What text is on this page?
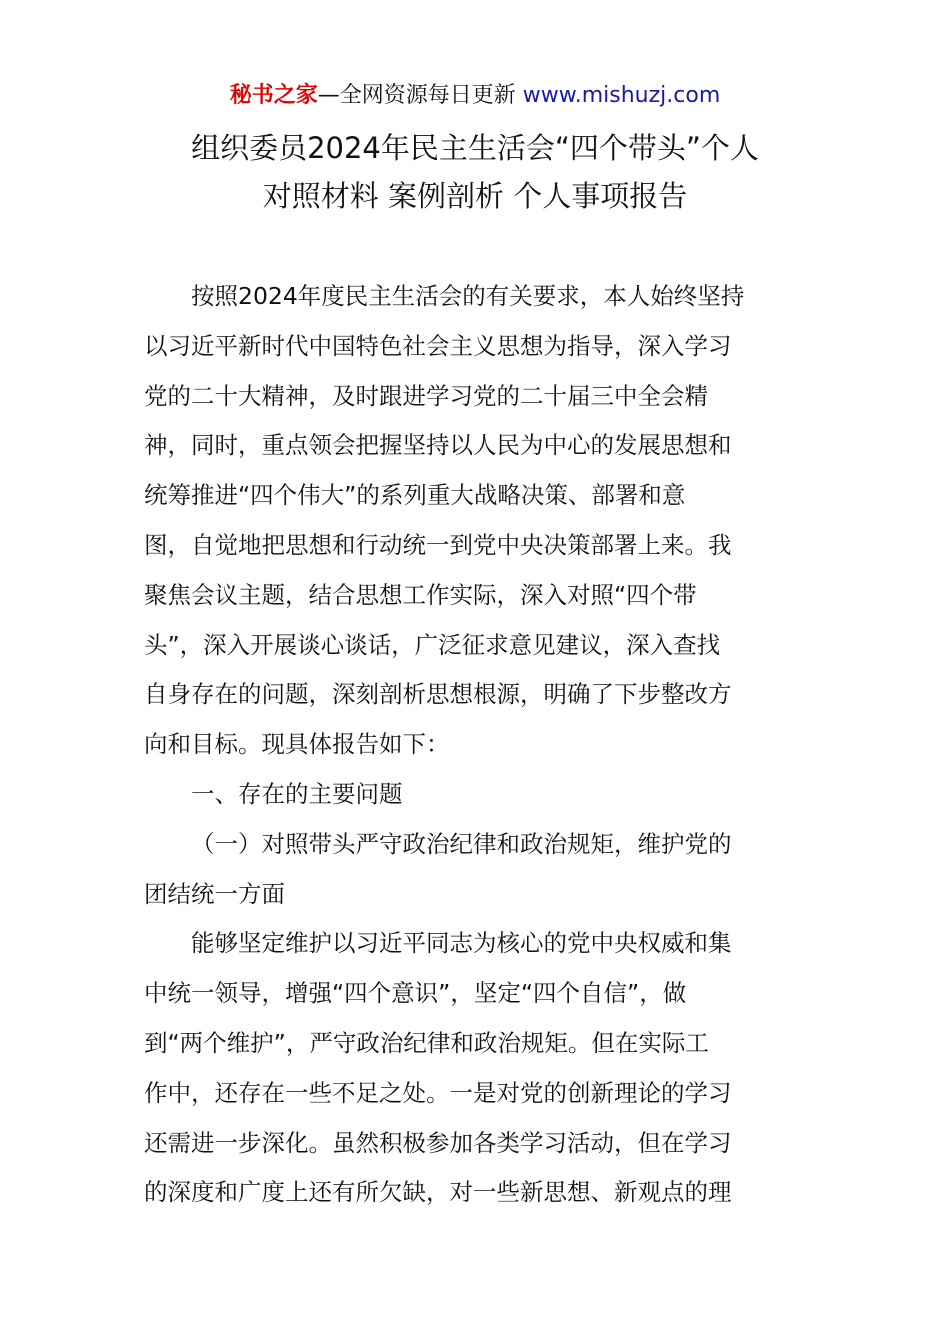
秘书之家—全网资源每日更新 www.mishuzj.com
组织委员2024年民主生活会“四个带头”个人
对照材料 案例剖析 个人事项报告
按照2024年度民主生活会的有关要求，本人始终坚持
以习近平新时代中国特色社会主义思想为指导，深入学习
党的二十大精神，及时跟进学习党的二十届三中全会精
神，同时，重点领会把握坚持以人民为中心的发展思想和
统筹推进“四个伟大”的系列重大战略决策、部署和意
图，自觉地把思想和行动统一到党中央决策部署上来。我
聚焦会议主题，结合思想工作实际，深入对照“四个带
头”，深入开展谈心谈话，广泛征求意见建议，深入查找
自身存在的问题，深刻剖析思想根源，明确了下步整改方
向和目标。现具体报告如下：
一、存在的主要问题
（一）对照带头严守政治纪律和政治规矩，维护党的
团结统一方面
能够坚定维护以习近平同志为核心的党中央权威和集
中统一领导，增强“四个意识”，坚定“四个自信”，做
到“两个维护”，严守政治纪律和政治规矩。但在实际工
作中，还存在一些不足之处。一是对党的创新理论的学习
还需进一步深化。虽然积极参加各类学习活动，但在学习
的深度和广度上还有所欠缺，对一些新思想、新观点的理
